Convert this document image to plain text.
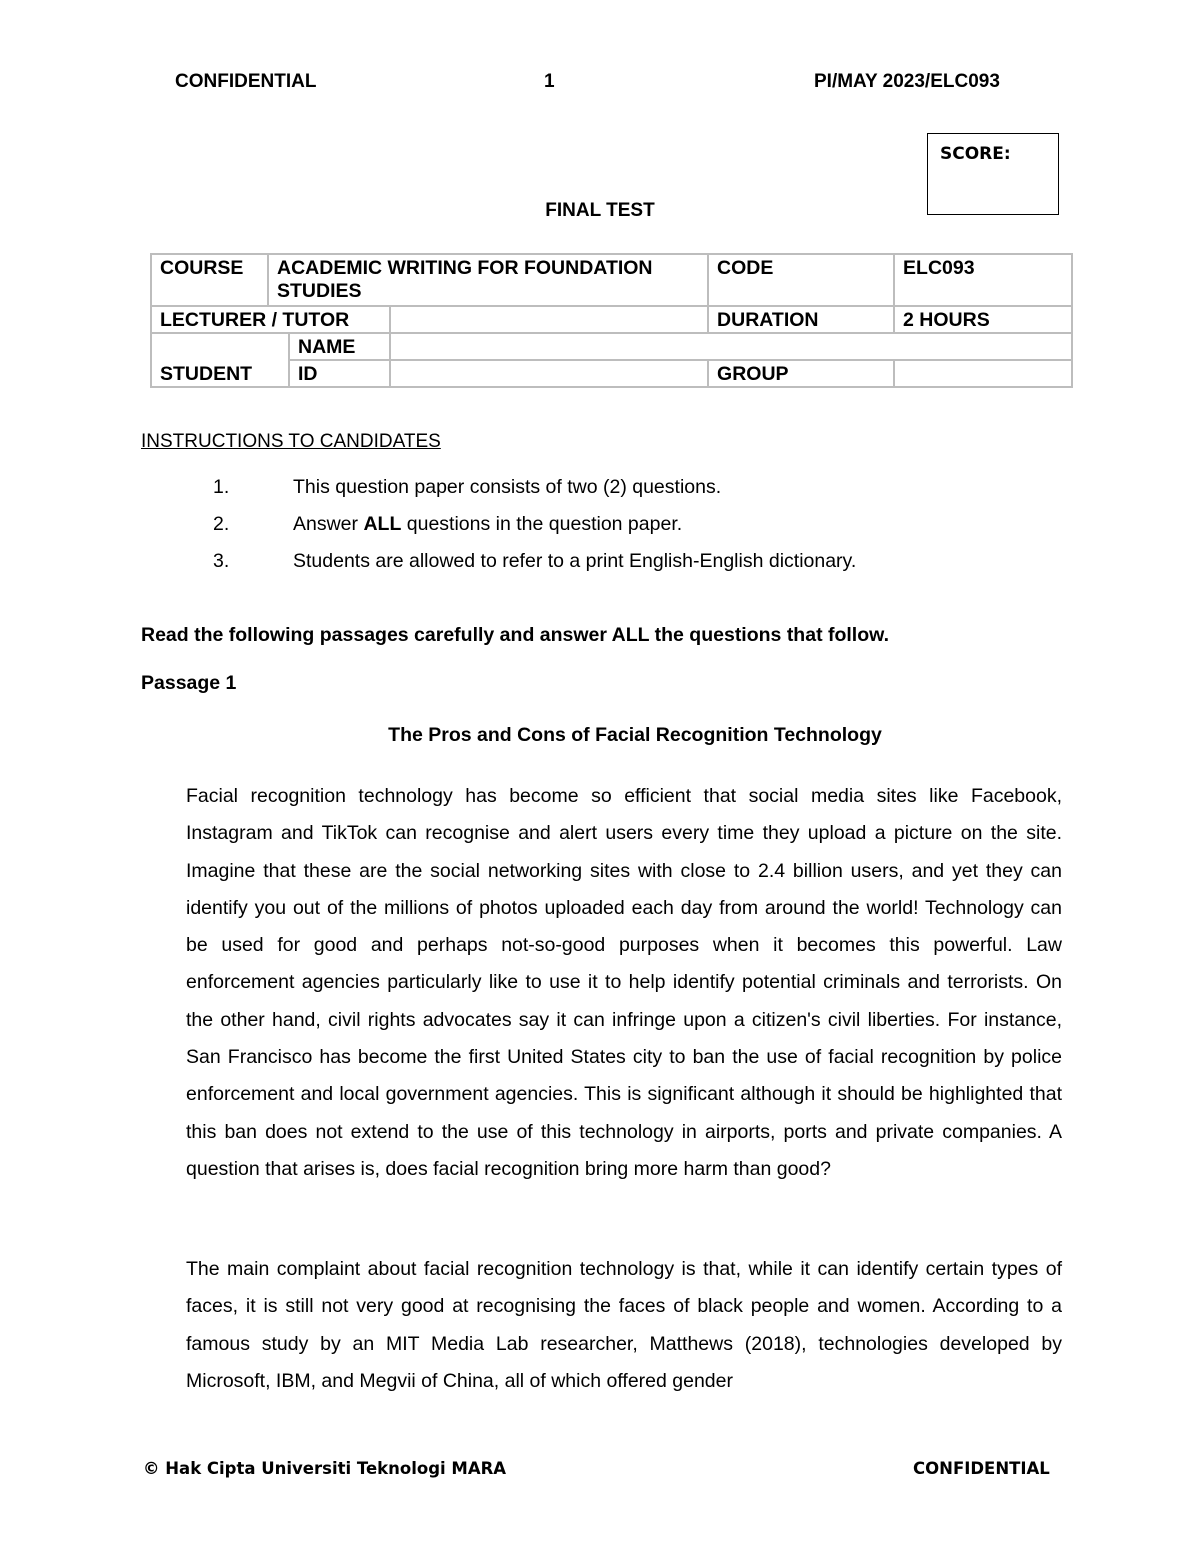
CONFIDENTIAL	1	PI/MAY 2023/ELC093
SCORE:
FINAL TEST
COURSE	ACADEMIC WRITING FOR FOUNDATION STUDIES			CODE	ELC093
LECTURER / TUTOR				DURATION	2 HOURS
STUDENT		NAME			
		ID		GROUP	
INSTRUCTIONS TO CANDIDATES
1.	This question paper consists of two (2) questions.
2.	Answer ALL questions in the question paper.
3.	Students are allowed to refer to a print English-English dictionary.
Read the following passages carefully and answer ALL the questions that follow.
Passage 1
The Pros and Cons of Facial Recognition Technology

Facial recognition technology has become so efficient that social media sites like Facebook, Instagram and TikTok can recognise and alert users every time they upload a picture on the site. Imagine that these are the social networking sites with close to 2.4 billion users, and yet they can identify you out of the millions of photos uploaded each day from around the world! Technology can be used for good and perhaps not-so-good purposes when it becomes this powerful. Law enforcement agencies particularly like to use it to help identify potential criminals and terrorists. On the other hand, civil rights advocates say it can infringe upon a citizen's civil liberties. For instance, San Francisco has become the first United States city to ban the use of facial recognition by police enforcement and local government agencies. This is significant although it should be highlighted that this ban does not extend to the use of this technology in airports, ports and private companies. A question that arises is, does facial recognition bring more harm than good?

The main complaint about facial recognition technology is that, while it can identify certain types of faces, it is still not very good at recognising the faces of black people and women. According to a famous study by an MIT Media Lab researcher, Matthews (2018), technologies developed by Microsoft, IBM, and Megvii of China, all of which offered gender

© Hak Cipta Universiti Teknologi MARA	CONFIDENTIAL
